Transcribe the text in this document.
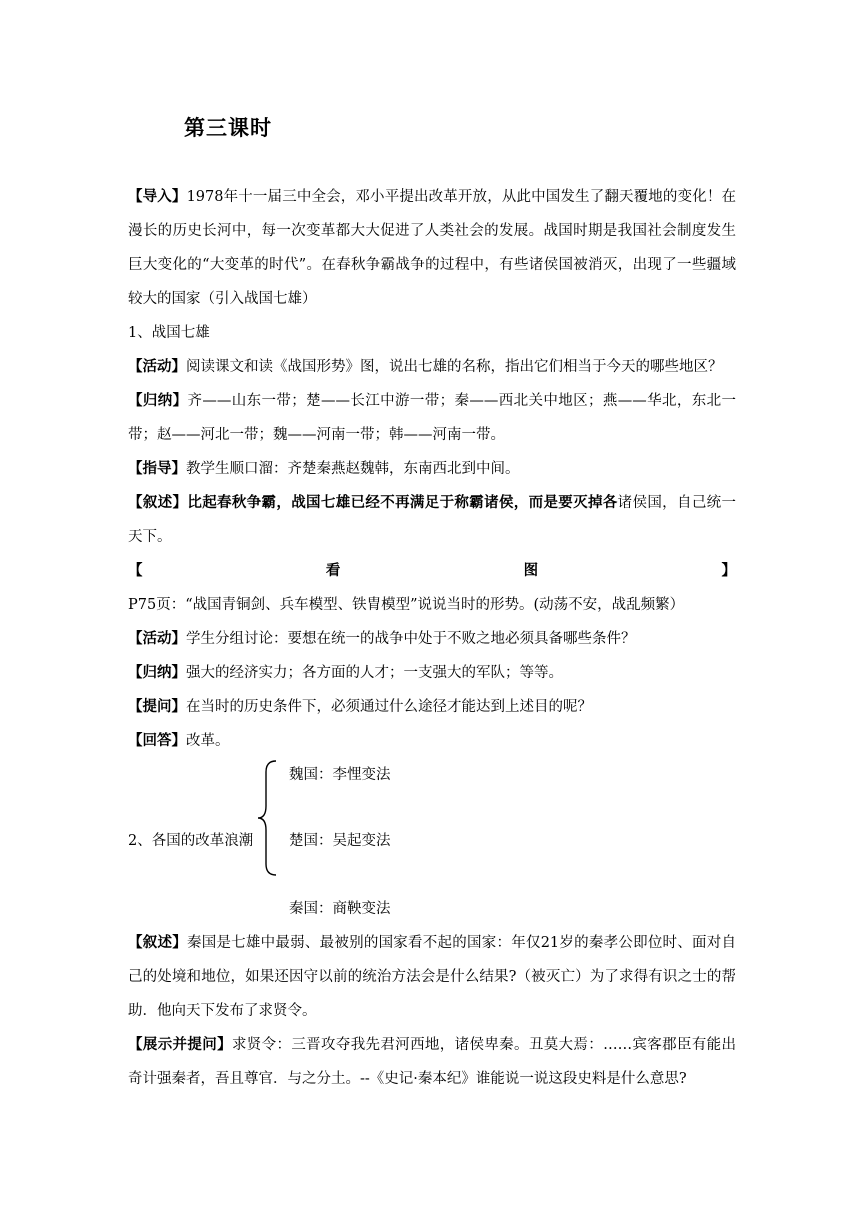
第三课时

【导入】1978年十一届三中全会，邓小平提出改革开放，从此中国发生了翻天覆地的变化！在漫长的历史长河中，每一次变革都大大促进了人类社会的发展。战国时期是我国社会制度发生巨大变化的“大变革的时代”。在春秋争霸战争的过程中，有些诸侯国被消灭，出现了一些疆域较大的国家（引入战国七雄）

1、战国七雄

【活动】阅读课文和读《战国形势》图，说出七雄的名称，指出它们相当于今天的哪些地区？

【归纳】齐——山东一带；楚——长江中游一带；秦——西北关中地区；燕——华北，东北一带；赵——河北一带；魏——河南一带；韩——河南一带。

【指导】教学生顺口溜：齐楚秦燕赵魏韩，东南西北到中间。

【叙述】比起春秋争霸，战国七雄已经不再满足于称霸诸侯，而是要灭掉各诸侯国，自己统一天下。

【看图】P75页：“战国青铜剑、兵车模型、铁胄模型”说说当时的形势。(动荡不安，战乱频繁）

【活动】学生分组讨论：要想在统一的战争中处于不败之地必须具备哪些条件？

【归纳】强大的经济实力；各方面的人才；一支强大的军队；等等。

【提问】在当时的历史条件下，必须通过什么途径才能达到上述目的呢？

【回答】改革。

魏国：李悝变法
2、各国的改革浪潮 楚国：吴起变法
秦国：商鞅变法

【叙述】秦国是七雄中最弱、最被别的国家看不起的国家：年仅21岁的秦孝公即位时、面对自己的处境和地位，如果还因守以前的统治方法会是什么结果?（被灭亡）为了求得有识之士的帮助．他向天下发布了求贤令。

【展示并提问】求贤令：三晋攻夺我先君河西地，诸侯卑秦。丑莫大焉：……宾客郡臣有能出奇计强秦者，吾且尊官．与之分土。--《史记·秦本纪》谁能说一说这段史料是什么意思?
